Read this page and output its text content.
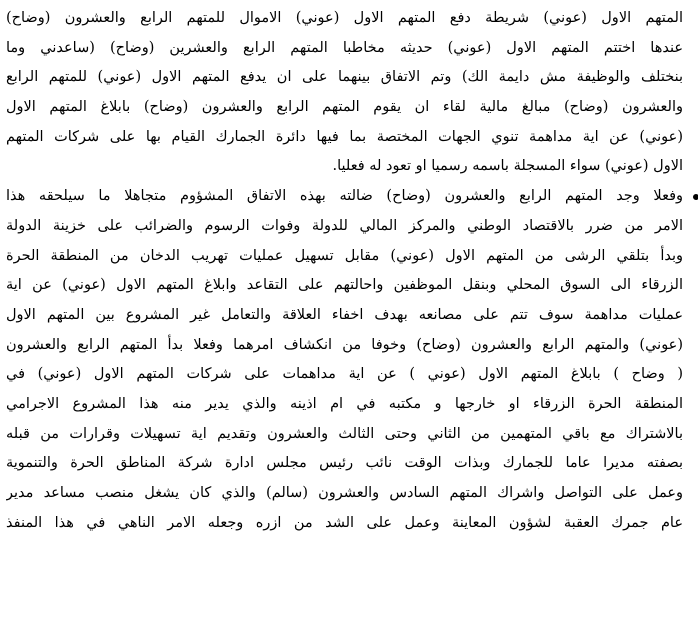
المتهم الاول (عوني) شريطة دفع المتهم الاول (عوني) الاموال للمتهم الرابع والعشرون (وضاح)
عندها اختتم المتهم الاول (عوني) حديثه مخاطبا المتهم الرابع والعشرين (وضاح) (ساعدني وما
بنختلف والوظيفة مش دايمة الك) وتم الاتفاق بينهما على ان يدفع المتهم الاول (عوني) للمتهم الرابع
والعشرون (وضاح) مبالغ مالية لقاء ان يقوم المتهم الرابع والعشرون (وضاح) بابلاغ المتهم الاول
(عوني) عن اية مداهمة تنوي الجهات المختصة بما فيها دائرة الجمارك القيام بها على شركات المتهم
الاول (عوني) سواء المسجلة باسمه رسميا او تعود له فعليا.
وفعلا وجد المتهم الرابع والعشرون (وضاح) ضالته بهذه الاتفاق المشؤوم متجاهلا ما سيلحقه هذا
الامر من ضرر بالاقتصاد الوطني والمركز المالي للدولة وفوات الرسوم والضرائب على خزينة الدولة
وبدأ بتلقي الرشى من المتهم الاول (عوني) مقابل تسهيل عمليات تهريب الدخان من المنطقة الحرة
الزرقاء الى السوق المحلي وبنقل الموظفين واحالتهم على التقاعد وابلاغ المتهم الاول (عوني) عن اية
عمليات مداهمة سوف تتم على مصانعه بهدف اخفاء العلاقة والتعامل غير المشروع بين المتهم الاول
(عوني) والمتهم الرابع والعشرون (وضاح) وخوفا من انكشاف امرهما وفعلا بدأ المتهم الرابع والعشرون
( وضاح ) بابلاغ المتهم الاول (عوني ) عن اية مداهمات على شركات المتهم الاول (عوني) في
المنطقة الحرة الزرقاء او خارجها و مكتبه في ام اذينه والذي يدير منه هذا المشروع الاجرامي
بالاشتراك مع باقي المتهمين من الثاني وحتى الثالث والعشرون وتقديم اية تسهيلات وقرارات من قبله
بصفته مديرا عاما للجمارك وبذات الوقت نائب رئيس مجلس ادارة شركة المناطق الحرة والتنموية
وعمل على التواصل واشراك المتهم السادس والعشرون (سالم) والذي كان يشغل منصب مساعد مدير
عام جمرك العقبة لشؤون المعاينة وعمل على الشد من ازره وجعله الامر الناهي في هذا المنفذ
